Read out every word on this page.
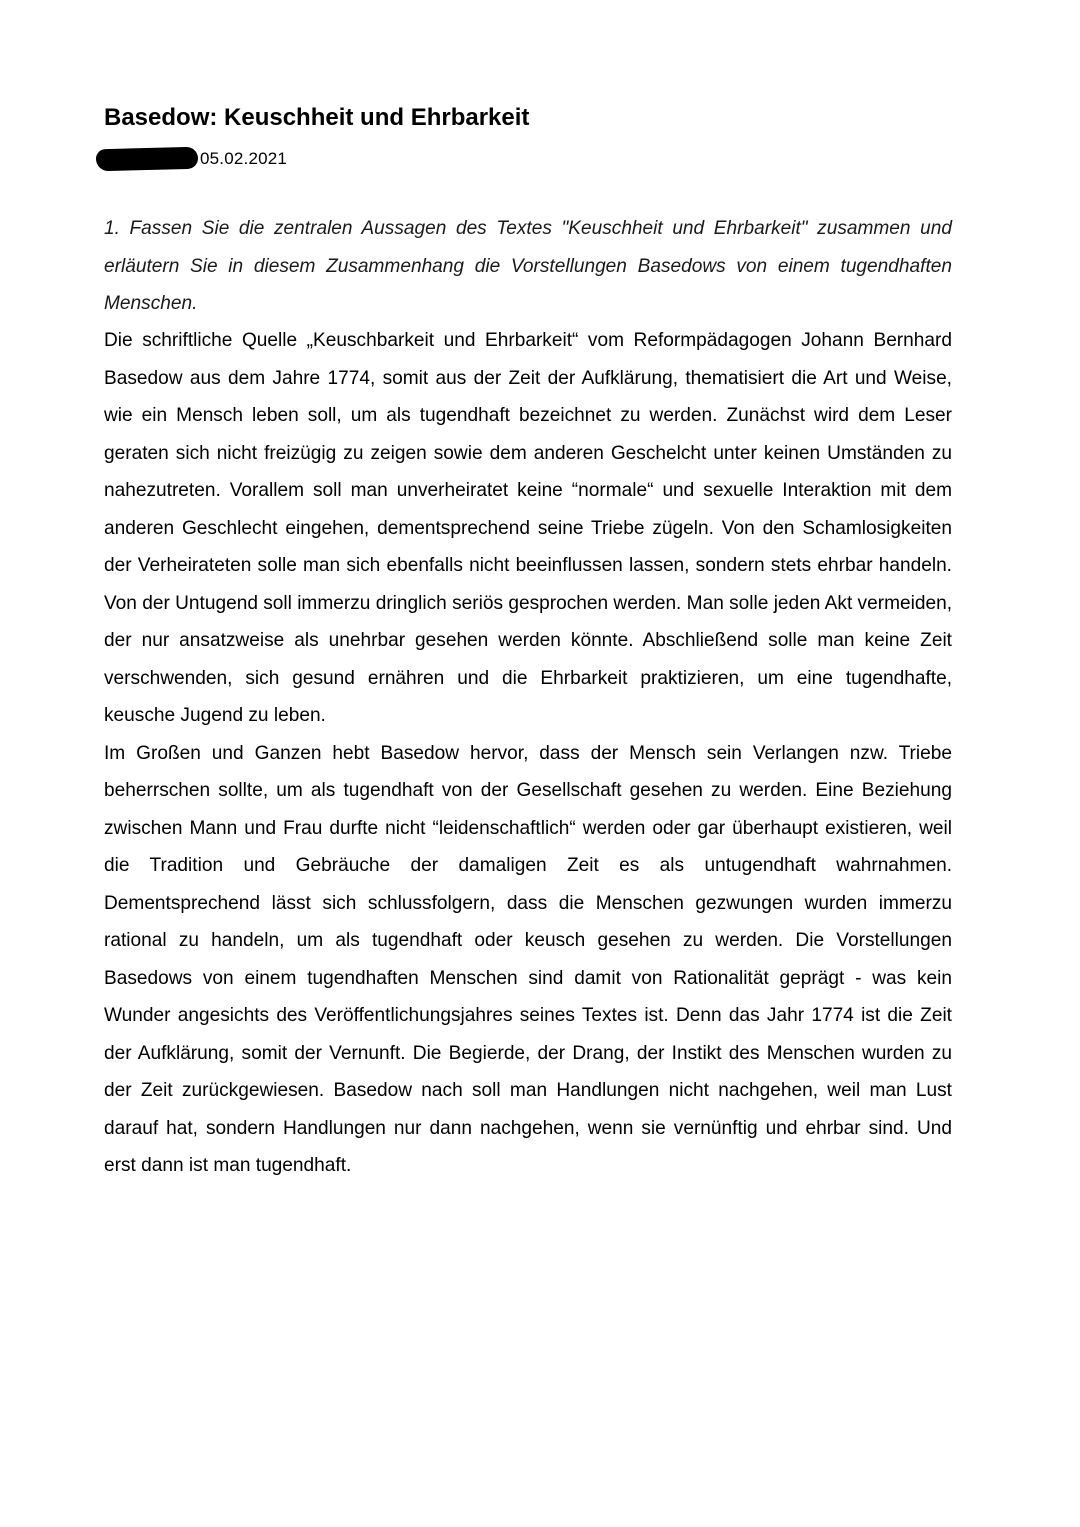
Basedow: Keuschheit und Ehrbarkeit
05.02.2021
1. Fassen Sie die zentralen Aussagen des Textes "Keuschheit und Ehrbarkeit" zusammen und erläutern Sie in diesem Zusammenhang die Vorstellungen Basedows von einem tugendhaften Menschen.

Die schriftliche Quelle „Keuschbarkeit und Ehrbarkeit“ vom Reformpädagogen Johann Bernhard Basedow aus dem Jahre 1774, somit aus der Zeit der Aufklärung, thematisiert die Art und Weise, wie ein Mensch leben soll, um als tugendhaft bezeichnet zu werden. Zunächst wird dem Leser geraten sich nicht freizügig zu zeigen sowie dem anderen Geschelcht unter keinen Umständen zu nahezutreten. Vorallem soll man unverheiratet keine “normale“ und sexuelle Interaktion mit dem anderen Geschlecht eingehen, dementsprechend seine Triebe zügeln. Von den Schamlosigkeiten der Verheirateten solle man sich ebenfalls nicht beeinflussen lassen, sondern stets ehrbar handeln. Von der Untugend soll immerzu dringlich seriös gesprochen werden. Man solle jeden Akt vermeiden, der nur ansatzweise als unehrbar gesehen werden könnte. Abschließend solle man keine Zeit verschwenden, sich gesund ernähren und die Ehrbarkeit praktizieren, um eine tugendhafte, keusche Jugend zu leben.

Im Großen und Ganzen hebt Basedow hervor, dass der Mensch sein Verlangen nzw. Triebe beherrschen sollte, um als tugendhaft von der Gesellschaft gesehen zu werden. Eine Beziehung zwischen Mann und Frau durfte nicht “leidenschaftlich“ werden oder gar überhaupt existieren, weil die Tradition und Gebräuche der damaligen Zeit es als untugendhaft wahrnahmen. Dementsprechend lässt sich schlussfolgern, dass die Menschen gezwungen wurden immerzu rational zu handeln, um als tugendhaft oder keusch gesehen zu werden. Die Vorstellungen Basedows von einem tugendhaften Menschen sind damit von Rationalität geprägt - was kein Wunder angesichts des Veröffentlichungsjahres seines Textes ist. Denn das Jahr 1774 ist die Zeit der Aufklärung, somit der Vernunft. Die Begierde, der Drang, der Instikt des Menschen wurden zu der Zeit zurückgewiesen. Basedow nach soll man Handlungen nicht nachgehen, weil man Lust darauf hat, sondern Handlungen nur dann nachgehen, wenn sie vernünftig und ehrbar sind. Und erst dann ist man tugendhaft.
